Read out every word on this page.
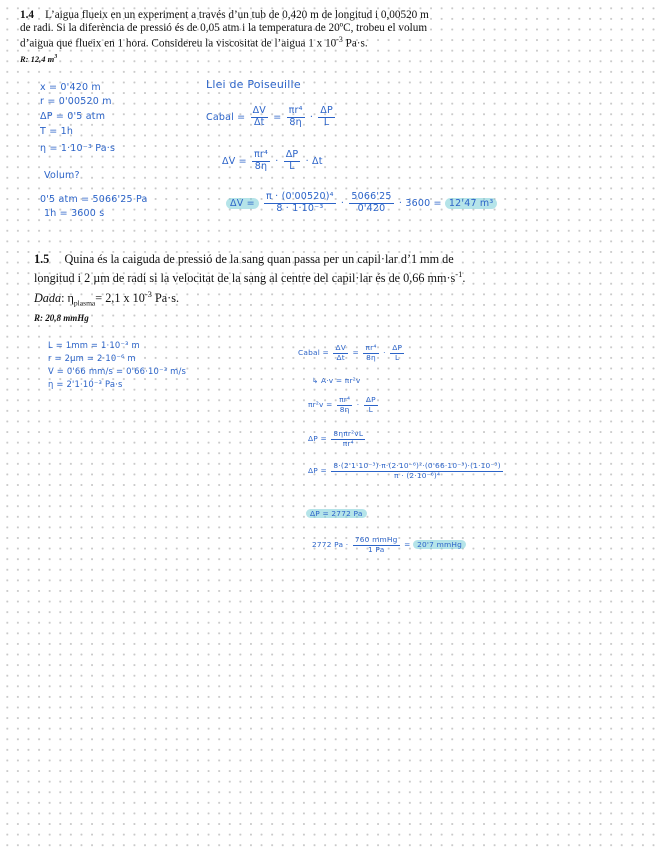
1.4 L’aigua flueix en un experiment a través d’un tub de 0,420 m de longitud i 0,00520 m
de radi. Si la diferència de pressió és de 0,05 atm i la temperatura de 20ºC, trobeu el volum
d’aigua que flueix en 1 hora. Considereu la viscositat de l’aigua 1 x $10^{-3}$ Pa·s.
R: 12,4 $m^3$
x = 0'420 m
r = 0'00520 m
ΔP = 0'5 atm
T = 1h
η = 1·10⁻³ Pa·s
Volum?
0'5 atm = 5066'25 Pa
1h = 3600 s
Llei de Poiseuille
Cabal = $\frac{\Delta V}{\Delta t} = \frac{\text{πr⁴}}{8\eta} \cdot \frac{\Delta P}{L}$
$\Delta V = \frac{\text{πr⁴}}{8\eta} \cdot \frac{\Delta P}{L} \cdot \Delta t$
$\Delta V = \frac{\text{π · (0'00520)⁴}}{\text{8 · 1·10⁻³}} \cdot \frac{5066'25}{0'420} \cdot 3600 = 12'47$ m³
1.5 Quina és la caiguda de pressió de la sang quan passa per un capil·lar d’1 mm de
longitud i 2 µm de radi si la velocitat de la sang al centre del capil·lar és de 0,66 $mm\cdot s^{-1}$.
Dada: $\eta_{plasma}= 2,1$ x $10^{-3}$ Pa·s.
R: 20,8 mmHg
L = 1mm = 1·10⁻³ m
r = 2µm = 2·10⁻⁶ m
V = 0'66 mm/s = 0'66·10⁻³ m/s
η = 2'1·10⁻³ Pa·s
Cabal = $\frac{\Delta V}{\Delta t} = \frac{\text{πr⁴}}{8\eta} \cdot \frac{\Delta P}{L}$
↳ A·v = πr²v
$\pi r^2v = \frac{\text{πr⁴}}{8\eta} \cdot \frac{\Delta P}{L}$
$\Delta P = \frac{\text{8ηπr²vL}}{\text{πr⁴}}$
$\Delta P = \frac{\text{8·(2'1·10⁻³)·π·(2·10⁻⁶)²·(0'66·10⁻³)·(1·10⁻³)}}{\text{π · (2·10⁻⁶)⁴}}$
ΔP = 2772 Pa
2772 $Pa \cdot \frac{\text{760 mmHg}}{1 Pa} = 20'7$ mmHg
